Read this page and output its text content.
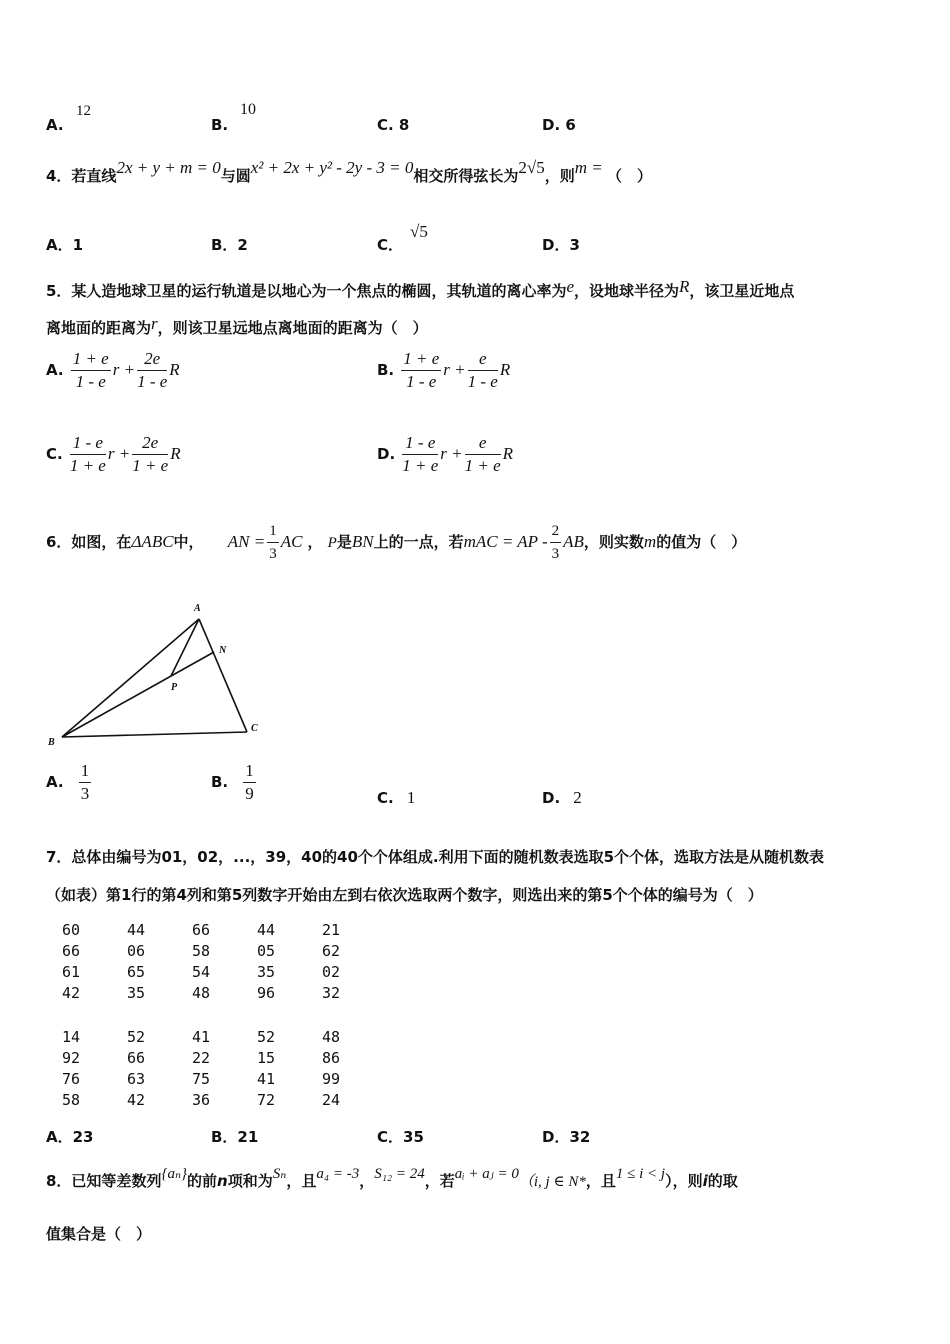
A.
12
B.
10
C. 8	D. 6
4．若直线2x + y + m = 0与圆x² + 2x + y² - 2y - 3 = 0相交所得弦长为2√5，则m = （　）
A．1	B．2	C．
√5
D．3
5．某人造地球卫星的运行轨道是以地心为一个焦点的椭圆，其轨道的离心率为e，设地球半径为R，该卫星近地点
离地面的距离为r，则该卫星远地点离地面的距离为（　）
A. $\frac{1 + e}{1 - e}$ $r + \frac{2e}{1 - e}$ R	B. $\frac{1 + e}{1 - e}$ $r + \frac{e}{1 - e}$ R
C. $\frac{1 - e}{1 + e}$ $r + \frac{2e}{1 + e}$ R	D. $\frac{1 - e}{1 + e}$ $r + \frac{e}{1 + e}$ R
6．如图，在ΔABC中， AN = $\frac{1}{3}$ AC ， P是BN上的一点，若mAC = AP - $\frac{2}{3}$ AB，则实数m的值为（　）
A
B
C
N
P
A. $\frac{1}{3}$	B. $\frac{1}{9}$	C. 1	D. 2
7．总体由编号为01，02，...，39，40的40个个体组成.利用下面的随机数表选取5个个体，选取方法是从随机数表
（如表）第1行的第4列和第5列数字开始由左到右依次选取两个数字，则选出来的第5个个体的编号为（　）
60	44	66	44	21
66	06	58	05	62
61	65	54	35	02
42	35	48	96	32
14	52	41	52	48
92	66	22	15	86
76	63	75	41	99
58	42	36	72	24
A．23	B．21	C．35	D．32
8．已知等差数列{aₙ}的前n项和为Sₙ，且a₄ = -3，S₁₂ = 24，若aᵢ + aⱼ = 0（i, j ∈ N*，且1 ≤ i < j），则i的取
值集合是（　）
